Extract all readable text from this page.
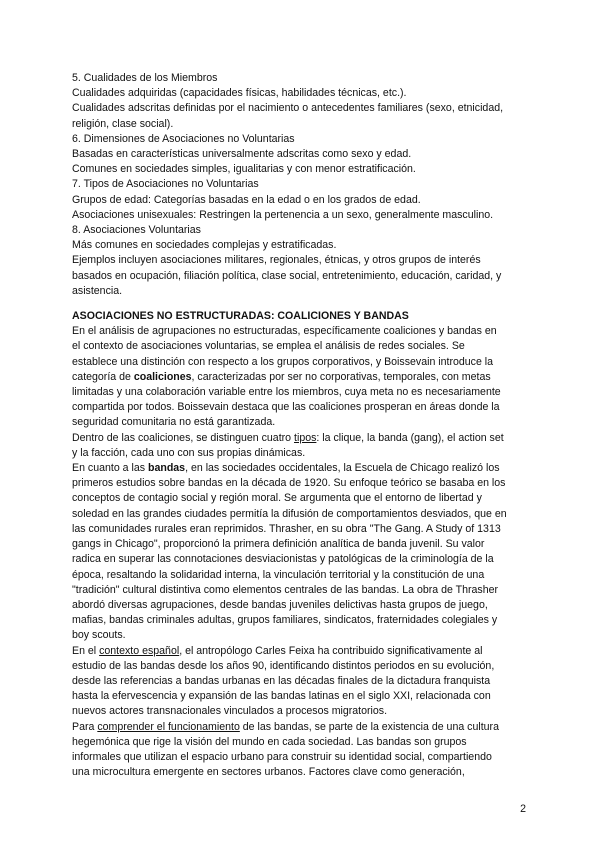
5. Cualidades de los Miembros
Cualidades adquiridas (capacidades físicas, habilidades técnicas, etc.).
Cualidades adscritas definidas por el nacimiento o antecedentes familiares (sexo, etnicidad,
religión, clase social).
6. Dimensiones de Asociaciones no Voluntarias
Basadas en características universalmente adscritas como sexo y edad.
Comunes en sociedades simples, igualitarias y con menor estratificación.
7. Tipos de Asociaciones no Voluntarias
Grupos de edad: Categorías basadas en la edad o en los grados de edad.
Asociaciones unisexuales: Restringen la pertenencia a un sexo, generalmente masculino.
8. Asociaciones Voluntarias
Más comunes en sociedades complejas y estratificadas.
Ejemplos incluyen asociaciones militares, regionales, étnicas, y otros grupos de interés
basados en ocupación, filiación política, clase social, entretenimiento, educación, caridad, y
asistencia.
ASOCIACIONES NO ESTRUCTURADAS: COALICIONES Y BANDAS
En el análisis de agrupaciones no estructuradas, específicamente coaliciones y bandas en
el contexto de asociaciones voluntarias, se emplea el análisis de redes sociales. Se
establece una distinción con respecto a los grupos corporativos, y Boissevain introduce la
categoría de coaliciones, caracterizadas por ser no corporativas, temporales, con metas
limitadas y una colaboración variable entre los miembros, cuya meta no es necesariamente
compartida por todos. Boissevain destaca que las coaliciones prosperan en áreas donde la
seguridad comunitaria no está garantizada.
Dentro de las coaliciones, se distinguen cuatro tipos: la clique, la banda (gang), el action set
y la facción, cada uno con sus propias dinámicas.
En cuanto a las bandas, en las sociedades occidentales, la Escuela de Chicago realizó los
primeros estudios sobre bandas en la década de 1920. Su enfoque teórico se basaba en los
conceptos de contagio social y región moral. Se argumenta que el entorno de libertad y
soledad en las grandes ciudades permitía la difusión de comportamientos desviados, que en
las comunidades rurales eran reprimidos. Thrasher, en su obra "The Gang. A Study of 1313
gangs in Chicago", proporcionó la primera definición analítica de banda juvenil. Su valor
radica en superar las connotaciones desviacionistas y patológicas de la criminología de la
época, resaltando la solidaridad interna, la vinculación territorial y la constitución de una
"tradición" cultural distintiva como elementos centrales de las bandas. La obra de Thrasher
abordó diversas agrupaciones, desde bandas juveniles delictivas hasta grupos de juego,
mafias, bandas criminales adultas, grupos familiares, sindicatos, fraternidades colegiales y
boy scouts.
En el contexto español, el antropólogo Carles Feixa ha contribuido significativamente al
estudio de las bandas desde los años 90, identificando distintos periodos en su evolución,
desde las referencias a bandas urbanas en las décadas finales de la dictadura franquista
hasta la efervescencia y expansión de las bandas latinas en el siglo XXI, relacionada con
nuevos actores transnacionales vinculados a procesos migratorios.
Para comprender el funcionamiento de las bandas, se parte de la existencia de una cultura
hegemónica que rige la visión del mundo en cada sociedad. Las bandas son grupos
informales que utilizan el espacio urbano para construir su identidad social, compartiendo
una microcultura emergente en sectores urbanos. Factores clave como generación,
2
